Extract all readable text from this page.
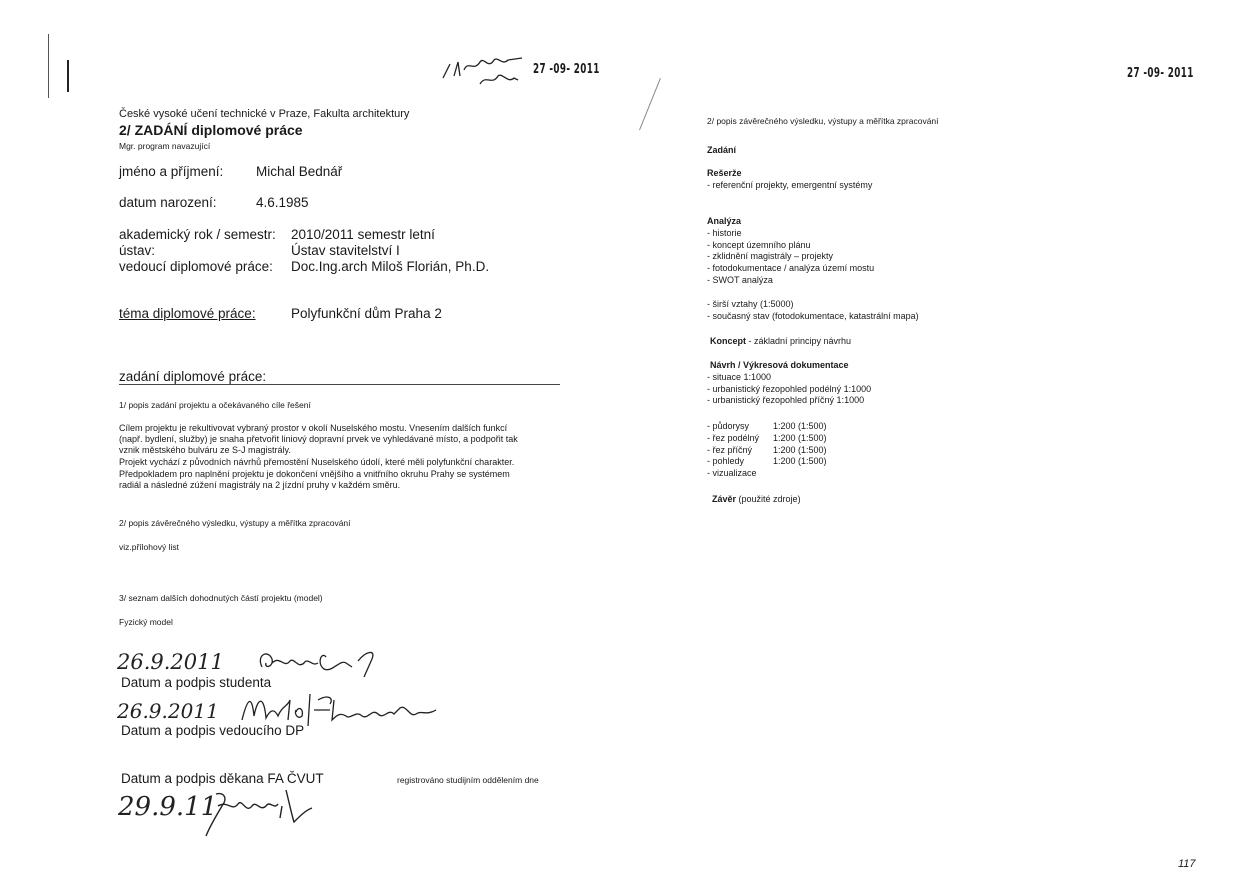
27 -09- 2011
České vysoké učení technické v Praze, Fakulta architektury
2/ ZADÁNÍ diplomové práce
Mgr. program navazující
jméno a příjmení: Michal Bednář
datum narození:	4.6.1985
akademický rok / semestr: 2010/2011 semestr letní
ústav:	Ústav stavitelství I
vedoucí diplomové práce: Doc.Ing.arch Miloš Florián, Ph.D.
téma diplomové práce:	Polyfunkční dům Praha 2
zadání diplomové práce:
1/ popis zadání projektu a očekávaného cíle řešení
Cílem projektu je rekultivovat vybraný prostor v okolí Nuselského mostu. Vnesením dalších funkcí
(např. bydlení, služby) je snaha přetvořit liniový dopravní prvek ve vyhledávané místo, a podpořit tak
vznik městského bulváru ze S-J magistrály.
Projekt vychází z původních návrhů přemostění Nuselského údolí, které měli polyfunkční charakter.
Předpokladem pro naplnění projektu je dokončení vnějšího a vnitřního okruhu Prahy se systémem
radiál a následné zúžení magistrály na 2 jízdní pruhy v každém směru.
2/ popis závěrečného výsledku, výstupy a měřítka zpracování
viz.přílohový list
3/ seznam dalších dohodnutých částí projektu (model)
Fyzický model
26.9.2011
Datum a podpis studenta
26.9.2011
Datum a podpis vedoucího DP
Datum a podpis děkana FA ČVUT	registrováno studijním oddělením dne
29.9.11
27 -09- 2011
2/ popis závěrečného výsledku, výstupy a měřítka zpracování
Zadání
Rešerže
- referenční projekty, emergentní systémy
Analýza
- historie
- koncept územního plánu
- zklidnění magistrály – projekty
- fotodokumentace / analýza území mostu
- SWOT analýza
- širší vztahy (1:5000)
- současný stav (fotodokumentace, katastrální mapa)
Koncept - základní principy návrhu
Návrh / Výkresová dokumentace
- situace 1:1000
- urbanistický řezopohled podélný 1:1000
- urbanistický řezopohled příčný 1:1000
- půdorysy	1:200 (1:500)
- řez podélný 1:200 (1:500)
- řez příčný 1:200 (1:500)
- pohledy	1:200 (1:500)
- vizualizace
Závěr (použité zdroje)
117
